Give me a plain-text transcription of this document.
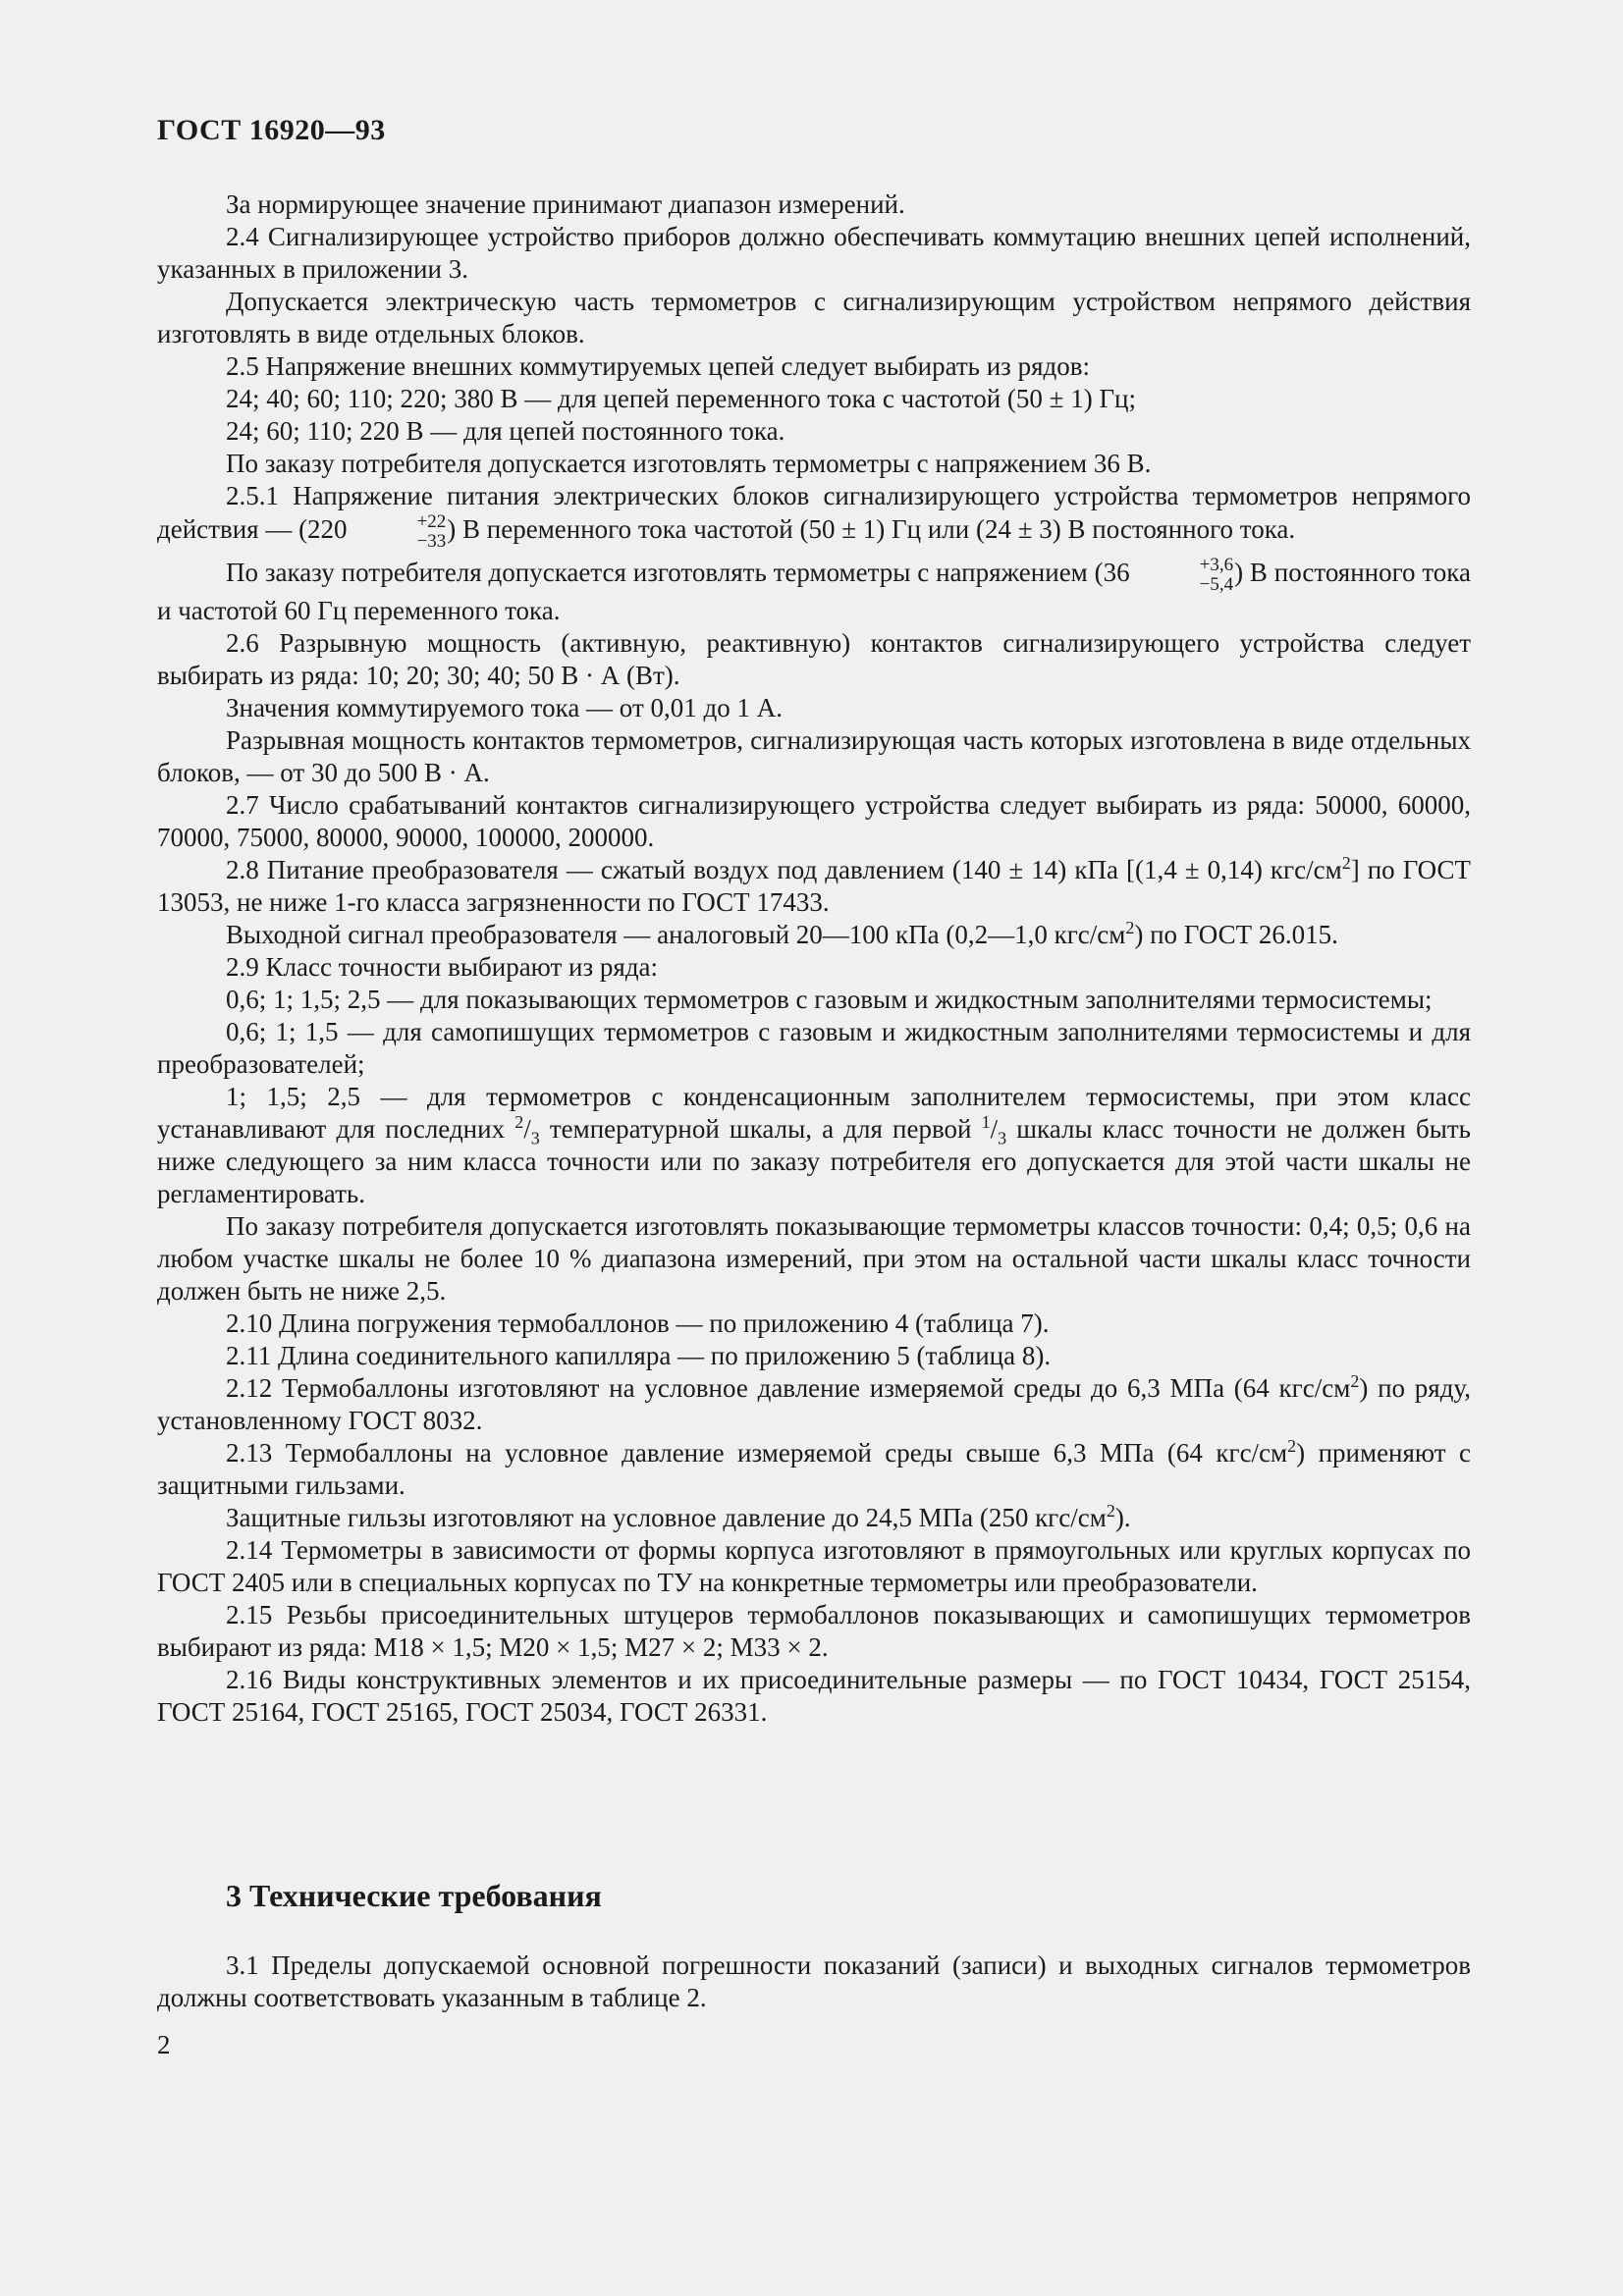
ГОСТ 16920—93

За нормирующее значение принимают диапазон измерений.

2.4 Сигнализирующее устройство приборов должно обеспечивать коммутацию внешних цепей исполнений, указанных в приложении 3.

Допускается электрическую часть термометров с сигнализирующим устройством непрямого действия изготовлять в виде отдельных блоков.

2.5 Напряжение внешних коммутируемых цепей следует выбирать из рядов:

24; 40; 60; 110; 220; 380 В — для цепей переменного тока с частотой (50 ± 1) Гц;

24; 60; 110; 220 В — для цепей постоянного тока.

По заказу потребителя допускается изготовлять термометры с напряжением 36 В.

2.5.1 Напряжение питания электрических блоков сигнализирующего устройства термометров непрямого действия — (220	+22
−33 ) В переменного тока частотой (50 ± 1) Гц или (24 ± 3) В постоянного тока.

По заказу потребителя допускается изготовлять термометры с напряжением (36	+3,6
−5,4 ) В постоянного тока и частотой 60 Гц переменного тока.

2.6 Разрывную мощность (активную, реактивную) контактов сигнализирующего устройства следует выбирать из ряда: 10; 20; 30; 40; 50 В · А (Вт).

Значения коммутируемого тока — от 0,01 до 1 А.

Разрывная мощность контактов термометров, сигнализирующая часть которых изготовлена в виде отдельных блоков, — от 30 до 500 В · А.

2.7 Число срабатываний контактов сигнализирующего устройства следует выбирать из ряда: 50000, 60000, 70000, 75000, 80000, 90000, 100000, 200000.

2.8 Питание преобразователя — сжатый воздух под давлением (140 ± 14) кПа [(1,4 ± 0,14) кгс/$см^2$] по ГОСТ 13053, не ниже 1-го класса загрязненности по ГОСТ 17433.

Выходной сигнал преобразователя — аналоговый 20—100 кПа (0,2—1,0 кгс/$см^2$) по ГОСТ 26.015.

2.9 Класс точности выбирают из ряда:

0,6; 1; 1,5; 2,5 — для показывающих термометров с газовым и жидкостным заполнителями термосистемы;

0,6; 1; 1,5 — для самопишущих термометров с газовым и жидкостным заполнителями термосистемы и для преобразователей;

1; 1,5; 2,5 — для термометров с конденсационным заполнителем термосистемы, при этом класс устанавливают для последних $^2/_3$ температурной шкалы, а для первой $^1/_3$ шкалы класс точности не должен быть ниже следующего за ним класса точности или по заказу потребителя его допускается для этой части шкалы не регламентировать.

По заказу потребителя допускается изготовлять показывающие термометры классов точности: 0,4; 0,5; 0,6 на любом участке шкалы не более 10 % диапазона измерений, при этом на остальной части шкалы класс точности должен быть не ниже 2,5.

2.10 Длина погружения термобаллонов — по приложению 4 (таблица 7).

2.11 Длина соединительного капилляра — по приложению 5 (таблица 8).

2.12 Термобаллоны изготовляют на условное давление измеряемой среды до 6,3 МПа (64 кгс/$см^2$) по ряду, установленному ГОСТ 8032.

2.13 Термобаллоны на условное давление измеряемой среды свыше 6,3 МПа (64 кгс/$см^2$) применяют с защитными гильзами.

Защитные гильзы изготовляют на условное давление до 24,5 МПа (250 кгс/$см^2$).

2.14 Термометры в зависимости от формы корпуса изготовляют в прямоугольных или круглых корпусах по ГОСТ 2405 или в специальных корпусах по ТУ на конкретные термометры или преобразователи.

2.15 Резьбы присоединительных штуцеров термобаллонов показывающих и самопишущих термометров выбирают из ряда: М18 × 1,5; М20 × 1,5; М27 × 2; М33 × 2.

2.16 Виды конструктивных элементов и их присоединительные размеры — по ГОСТ 10434, ГОСТ 25154, ГОСТ 25164, ГОСТ 25165, ГОСТ 25034, ГОСТ 26331.

3 Технические требования

3.1 Пределы допускаемой основной погрешности показаний (записи) и выходных сигналов термометров должны соответствовать указанным в таблице 2.

2
